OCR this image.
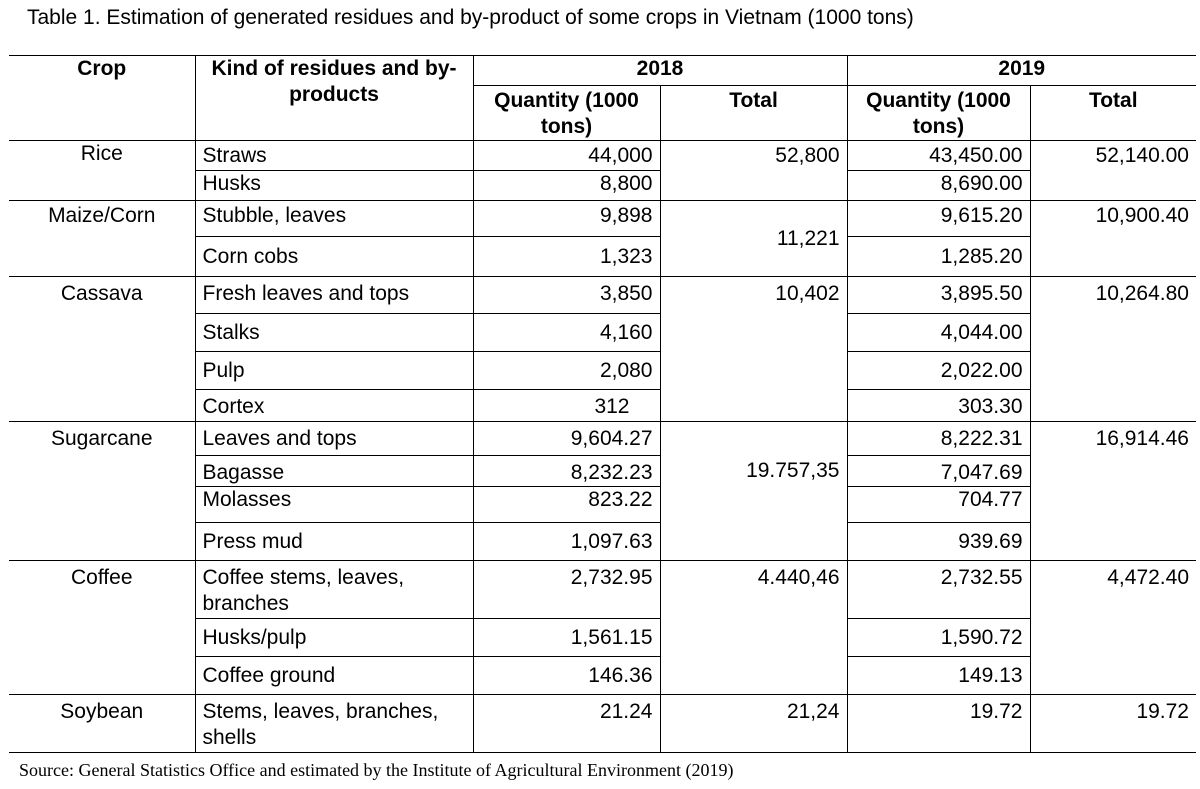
Table 1. Estimation of generated residues and by-product of some crops in Vietnam (1000 tons)
Crop	Kind of residues and by-products	2018		2019	
		Quantity (1000 tons)	Total	Quantity (1000 tons)	Total
Rice	Straws	44,000	52,800	43,450.00	52,140.00
	Husks	8,800		8,690.00	
Maize/Corn	Stubble, leaves	9,898	11,221	9,615.20	10,900.40
	Corn cobs	1,323		1,285.20	
Cassava	Fresh leaves and tops	3,850	10,402	3,895.50	10,264.80
	Stalks	4,160		4,044.00	
	Pulp	2,080		2,022.00	
	Cortex	312		303.30	
Sugarcane	Leaves and tops	9,604.27	19.757,35	8,222.31	16,914.46
	Bagasse	8,232.23		7,047.69	
	Molasses	823.22		704.77	
	Press mud	1,097.63		939.69	
Coffee	Coffee stems, leaves, branches	2,732.95	4.440,46	2,732.55	4,472.40
	Husks/pulp	1,561.15		1,590.72	
	Coffee ground	146.36		149.13	
Soybean	Stems, leaves, branches, shells	21.24	21,24	19.72	19.72
Source: General Statistics Office and estimated by the Institute of Agricultural Environment (2019)
